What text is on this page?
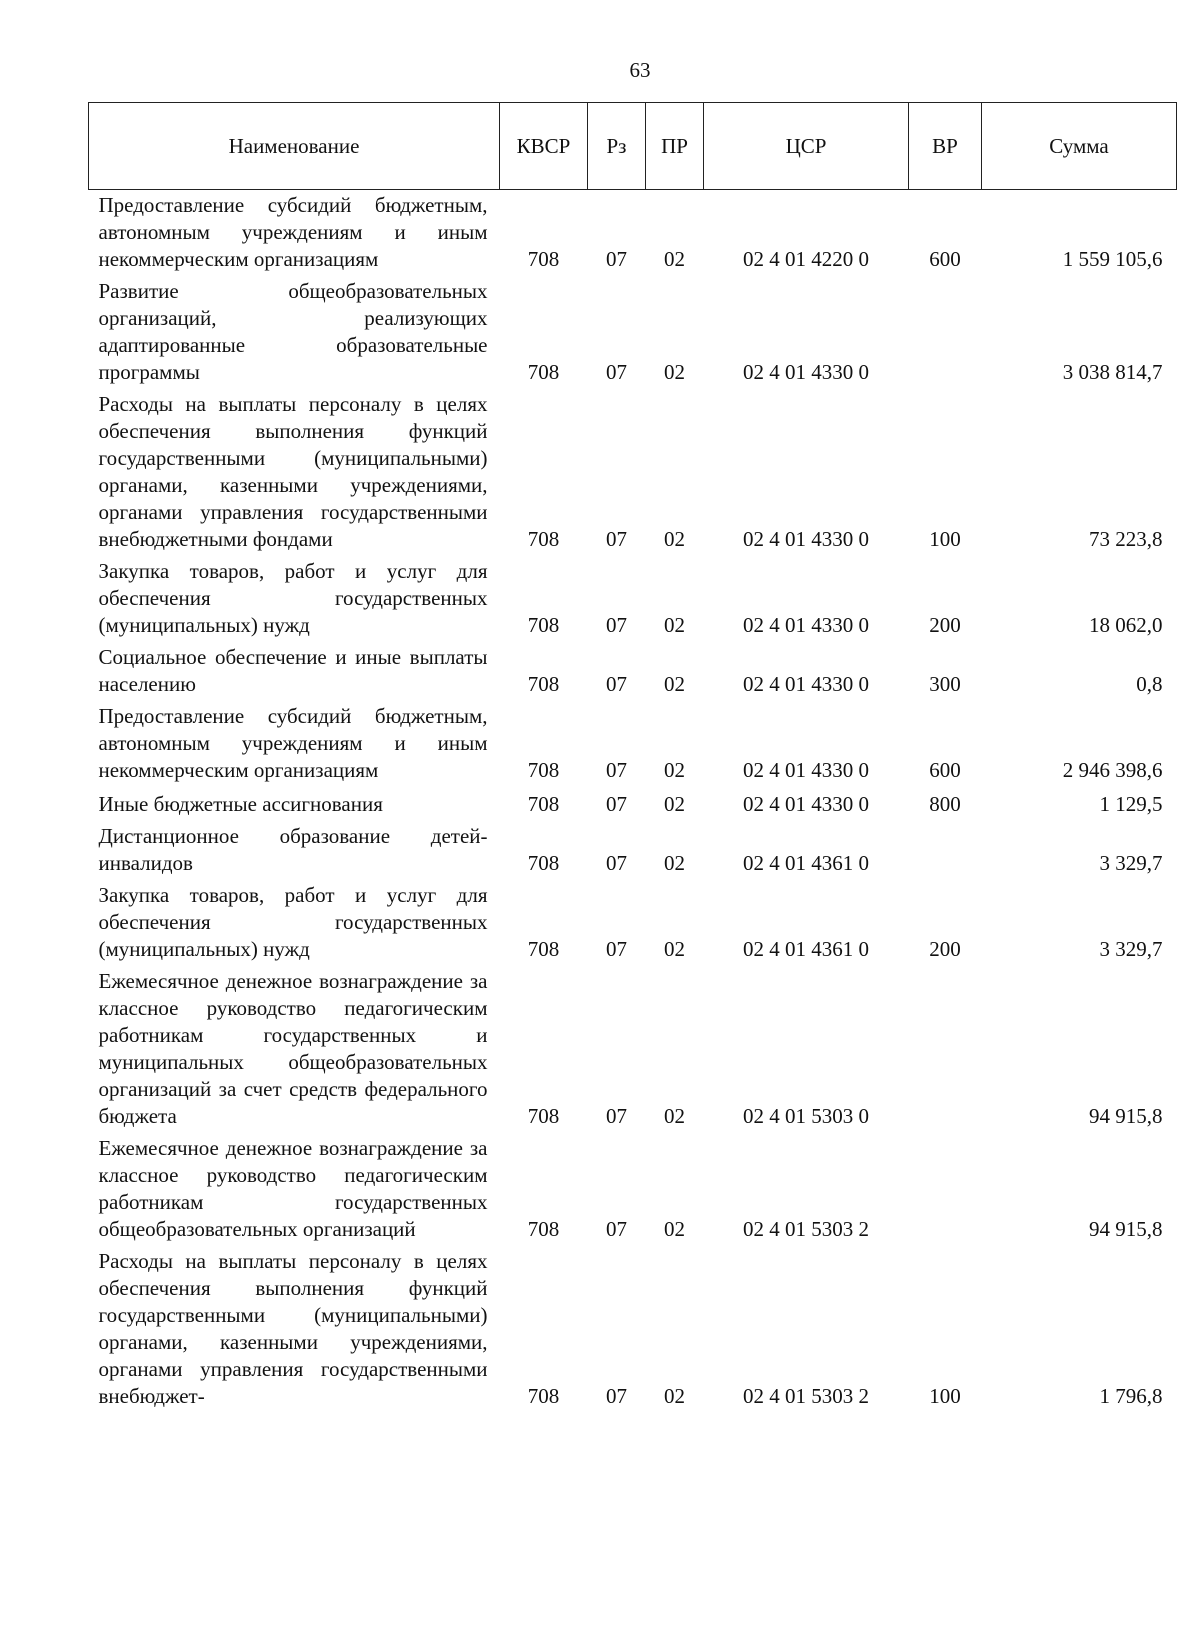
63
Наименование	КВСР	Рз	ПР	ЦСР	ВР	Сумма
Предоставление субсидий бюджетным, автономным учреждениям и иным некоммерческим организациям	708	07	02	02 4 01 4220 0	600	1 559 105,6
Развитие общеобразовательных организаций, реализующих адаптированные образовательные программы	708	07	02	02 4 01 4330 0		3 038 814,7
Расходы на выплаты персоналу в целях обеспечения выполнения функций государственными (муниципальными) органами, казенными учреждениями, органами управления государственными внебюджетными фондами	708	07	02	02 4 01 4330 0	100	73 223,8
Закупка товаров, работ и услуг для обеспечения государственных (муниципальных) нужд	708	07	02	02 4 01 4330 0	200	18 062,0
Социальное обеспечение и иные выплаты населению	708	07	02	02 4 01 4330 0	300	0,8
Предоставление субсидий бюджетным, автономным учреждениям и иным некоммерческим организациям	708	07	02	02 4 01 4330 0	600	2 946 398,6
Иные бюджетные ассигнования	708	07	02	02 4 01 4330 0	800	1 129,5
Дистанционное образование детей-инвалидов	708	07	02	02 4 01 4361 0		3 329,7
Закупка товаров, работ и услуг для обеспечения государственных (муниципальных) нужд	708	07	02	02 4 01 4361 0	200	3 329,7
Ежемесячное денежное вознаграждение за классное руководство педагогическим работникам государственных и муниципальных общеобразовательных организаций за счет средств федерального бюджета	708	07	02	02 4 01 5303 0		94 915,8
Ежемесячное денежное вознаграждение за классное руководство педагогическим работникам государственных общеобразовательных организаций	708	07	02	02 4 01 5303 2		94 915,8
Расходы на выплаты персоналу в целях обеспечения выполнения функций государственными (муниципальными) органами, казенными учреждениями, органами управления государственными внебюджет-	708	07	02	02 4 01 5303 2	100	1 796,8
